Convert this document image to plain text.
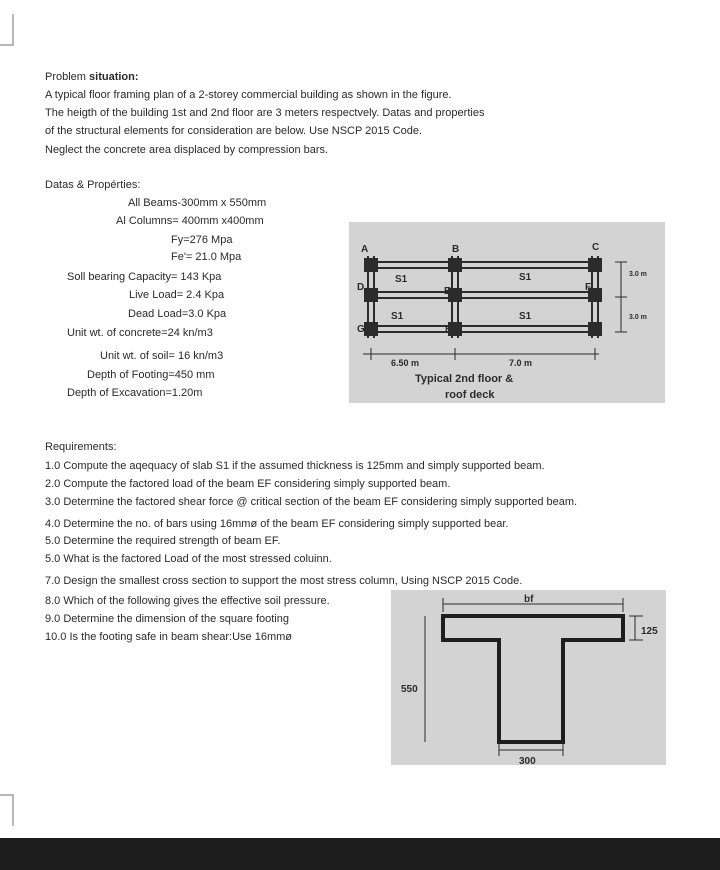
Problem situation:
A typical floor framing plan of a 2-storey commercial building as shown in the figure.
The heigth of the building 1st and 2nd floor are 3 meters respectvely. Datas and properties
of the structural elements for consideration are below. Use NSCP 2015 Code.
Neglect the concrete area displaced by compression bars.
Datas & Propérties:
All Beams-300mm x 550mm
Al Columns= 400mm x400mm
Fy=276 Mpa
Fe'= 21.0 Mpa
Soll bearing Capacity= 143 Kpa
Live Load= 2.4 Kpa
Dead Load=3.0 Kpa
Unit wt. of concrete=24 kn/m3
Unit wt. of soil= 16 kn/m3
Depth of Footing=450 mm
Depth of Excavation=1.20m
A	B	C
D	E	F
G	H
S1	S1
S1	S1
3.0 m
3.0 m
6.50 m	7.0 m
Typical 2nd floor &
roof deck
Requirements:
1.0 Compute the aqequacy of slab S1 if the assumed thickness is 125mm and simply supported beam.
2.0 Compute the factored load of the beam EF considering simply supported beam.
3.0 Determine the factored shear force @ critical section of the beam EF considering simply supported beam.
4.0 Determine the no. of bars using 16mmø of the beam EF considering simply supported bear.
5.0 Determine the required strength of beam EF.
5.0 What is the factored Load of the most stressed coluinn.
7.0 Design the smallest cross section to support the most stress column, Using NSCP 2015 Code.
8.0 Which of the following gives the effective soil pressure.
9.0 Determine the dimension of the square footing
10.0 Is the footing safe in beam shear:Use 16mmø
bf
125
550
300
